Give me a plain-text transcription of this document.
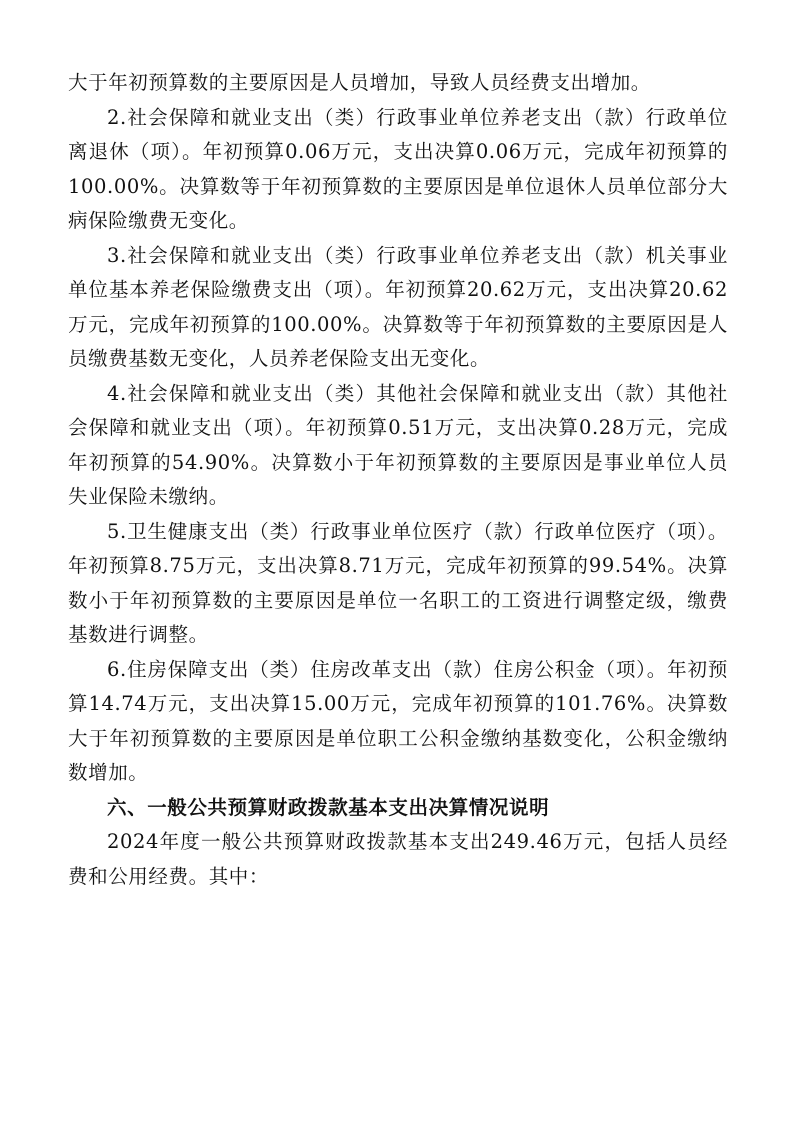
大于年初预算数的主要原因是人员增加，导致人员经费支出增加。

2.社会保障和就业支出（类）行政事业单位养老支出（款）行政单位离退休（项）。年初预算0.06万元，支出决算0.06万元，完成年初预算的100.00%。决算数等于年初预算数的主要原因是单位退休人员单位部分大病保险缴费无变化。

3.社会保障和就业支出（类）行政事业单位养老支出（款）机关事业单位基本养老保险缴费支出（项）。年初预算20.62万元，支出决算20.62万元，完成年初预算的100.00%。决算数等于年初预算数的主要原因是人员缴费基数无变化，人员养老保险支出无变化。

4.社会保障和就业支出（类）其他社会保障和就业支出（款）其他社会保障和就业支出（项）。年初预算0.51万元，支出决算0.28万元，完成年初预算的54.90%。决算数小于年初预算数的主要原因是事业单位人员失业保险未缴纳。

5.卫生健康支出（类）行政事业单位医疗（款）行政单位医疗（项）。年初预算8.75万元，支出决算8.71万元，完成年初预算的99.54%。决算数小于年初预算数的主要原因是单位一名职工的工资进行调整定级，缴费基数进行调整。

6.住房保障支出（类）住房改革支出（款）住房公积金（项）。年初预算14.74万元，支出决算15.00万元，完成年初预算的101.76%。决算数大于年初预算数的主要原因是单位职工公积金缴纳基数变化，公积金缴纳数增加。

六、一般公共预算财政拨款基本支出决算情况说明

2024年度一般公共预算财政拨款基本支出249.46万元，包括人员经费和公用经费。其中：
